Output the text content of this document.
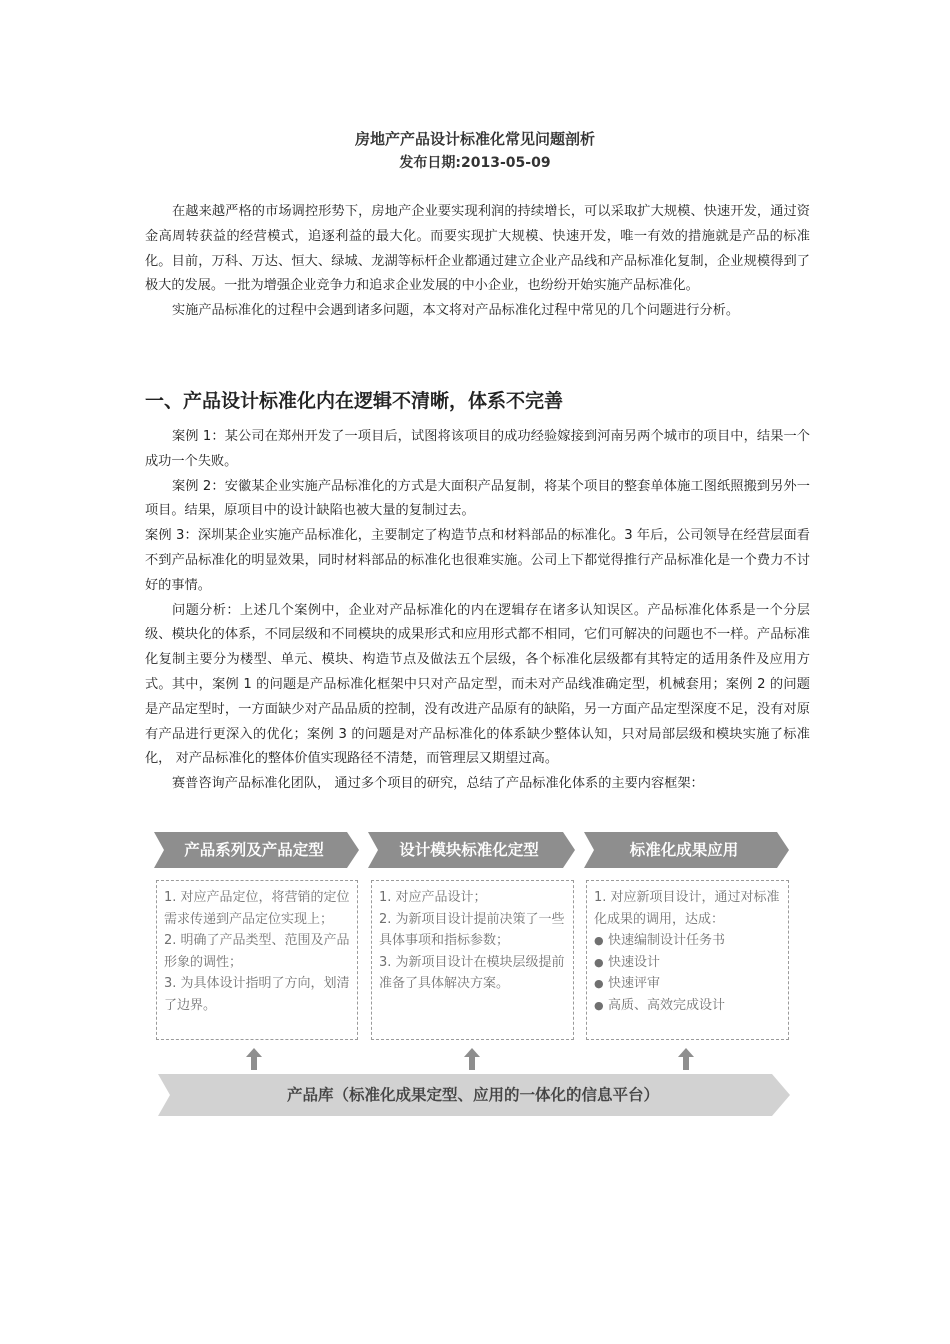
房地产产品设计标准化常见问题剖析
发布日期:2013-05-09

在越来越严格的市场调控形势下，房地产企业要实现利润的持续增长，可以采取扩大规模、快速开发，通过资金高周转获益的经营模式，追逐利益的最大化。而要实现扩大规模、快速开发，唯一有效的措施就是产品的标准化。目前，万科、万达、恒大、绿城、龙湖等标杆企业都通过建立企业产品线和产品标准化复制，企业规模得到了极大的发展。一批为增强企业竞争力和追求企业发展的中小企业，也纷纷开始实施产品标准化。

实施产品标准化的过程中会遇到诸多问题，本文将对产品标准化过程中常见的几个问题进行分析。

一、产品设计标准化内在逻辑不清晰，体系不完善

案例 1：某公司在郑州开发了一项目后，试图将该项目的成功经验嫁接到河南另两个城市的项目中，结果一个成功一个失败。

案例 2：安徽某企业实施产品标准化的方式是大面积产品复制，将某个项目的整套单体施工图纸照搬到另外一项目。结果，原项目中的设计缺陷也被大量的复制过去。

案例 3：深圳某企业实施产品标准化，主要制定了构造节点和材料部品的标准化。3 年后，公司领导在经营层面看不到产品标准化的明显效果，同时材料部品的标准化也很难实施。公司上下都觉得推行产品标准化是一个费力不讨好的事情。

问题分析：上述几个案例中，企业对产品标准化的内在逻辑存在诸多认知误区。产品标准化体系是一个分层级、模块化的体系，不同层级和不同模块的成果形式和应用形式都不相同，它们可解决的问题也不一样。产品标准化复制主要分为楼型、单元、模块、构造节点及做法五个层级，各个标准化层级都有其特定的适用条件及应用方式。其中，案例 1 的问题是产品标准化框架中只对产品定型，而未对产品线准确定型，机械套用；案例 2 的问题是产品定型时，一方面缺少对产品品质的控制，没有改进产品原有的缺陷，另一方面产品定型深度不足，没有对原有产品进行更深入的优化；案例 3 的问题是对产品标准化的体系缺少整体认知，只对局部层级和模块实施了标准化， 对产品标准化的整体价值实现路径不清楚，而管理层又期望过高。

赛普咨询产品标准化团队， 通过多个项目的研究，总结了产品标准化体系的主要内容框架：

产品系列及产品定型	设计模块标准化定型	标准化成果应用

1. 对应产品定位，将营销的定位需求传递到产品定位实现上；

2. 明确了产品类型、范围及产品形象的调性；

3. 为具体设计指明了方向，划清了边界。

1. 对应产品设计；

2. 为新项目设计提前决策了一些具体事项和指标参数；

3. 为新项目设计在模块层级提前准备了具体解决方案。

1. 对应新项目设计，通过对标准化成果的调用，达成：

● 快速编制设计任务书

● 快速设计

● 快速评审

● 高质、高效完成设计

产品库（标准化成果定型、应用的一体化的信息平台）
